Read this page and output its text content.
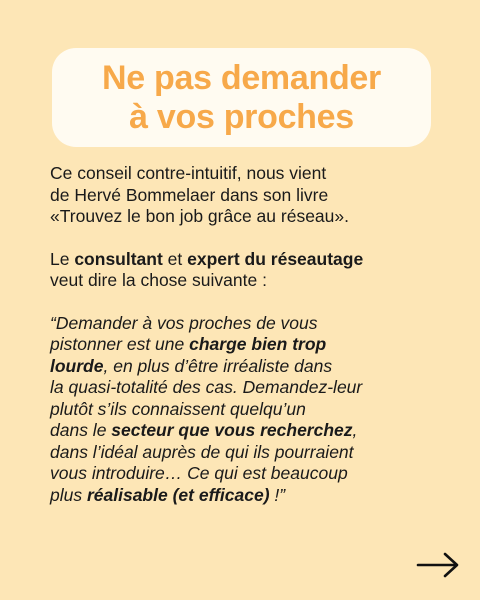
Ne pas demander
à vos proches

Ce conseil contre-intuitif, nous vient
de Hervé Bommelaer dans son livre
«Trouvez le bon job grâce au réseau».

Le consultant et expert du réseautage
veut dire la chose suivante :

“Demander à vos proches de vous
pistonner est une charge bien trop
lourde, en plus d’être irréaliste dans
la quasi-totalité des cas. Demandez-leur
plutôt s’ils connaissent quelqu’un
dans le secteur que vous recherchez,
dans l’idéal auprès de qui ils pourraient
vous introduire… Ce qui est beaucoup
plus réalisable (et efficace) !”
